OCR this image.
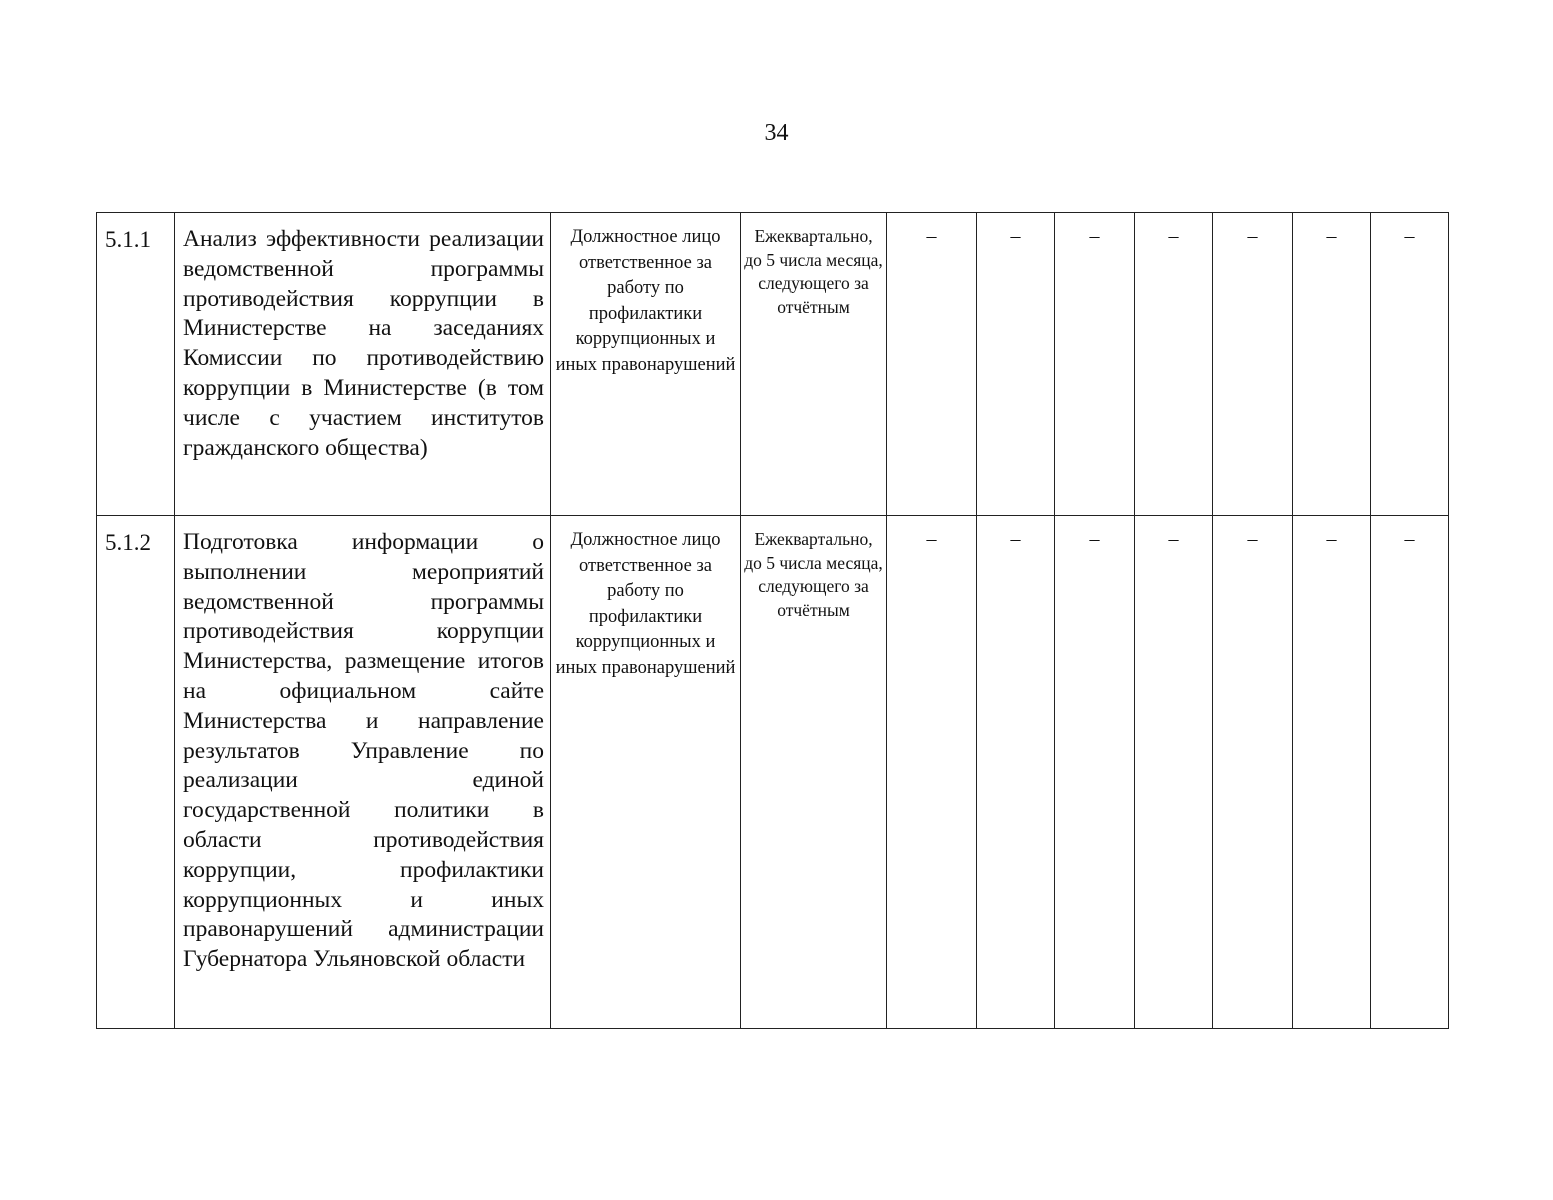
34
5.1.1	Анализ эффективности реализации ведомственной программы противодействия коррупции в Министерстве на заседаниях Комиссии по противодействию коррупции в Министерстве (в том числе с участием институтов гражданского общества)	Должностное лицо ответственное за работу по профилактики коррупционных и иных правонарушений	Ежеквартально, до 5 числа месяца, следующего за отчётным	–	–	–	–	–	–	–
5.1.2	Подготовка информации о выполнении мероприятий ведомственной программы противодействия коррупции Министерства, размещение итогов на официальном сайте Министерства и направление результатов Управление по реализации единой государственной политики в области противодействия коррупции, профилактики коррупционных и иных правонарушений администрации Губернатора Ульяновской области	Должностное лицо ответственное за работу по профилактики коррупционных и иных правонарушений	Ежеквартально, до 5 числа месяца, следующего за отчётным	–	–	–	–	–	–	–
